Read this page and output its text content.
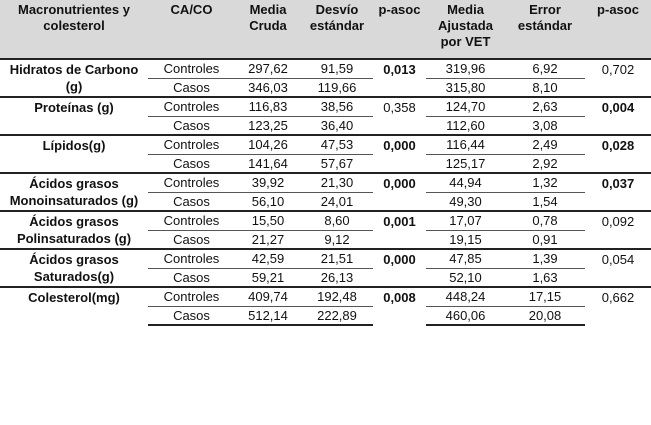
Macronutrientes y colesterol	CA/CO	Media Cruda	Desvío estándar	p-asoc	Media Ajustada por VET	Error estándar	p-asoc
Hidratos de Carbono (g)	Controles	297,62	91,59	0,013	319,96	6,92	0,702
	Casos	346,03	119,66		315,80	8,10	
Proteínas (g)	Controles	116,83	38,56	0,358	124,70	2,63	0,004
	Casos	123,25	36,40		112,60	3,08	
Lípidos(g)	Controles	104,26	47,53	0,000	116,44	2,49	0,028
	Casos	141,64	57,67		125,17	2,92	
Ácidos grasos Monoinsaturados (g)	Controles	39,92	21,30	0,000	44,94	1,32	0,037
	Casos	56,10	24,01		49,30	1,54	
Ácidos grasos Polinsaturados (g)	Controles	15,50	8,60	0,001	17,07	0,78	0,092
	Casos	21,27	9,12		19,15	0,91	
Ácidos grasos Saturados(g)	Controles	42,59	21,51	0,000	47,85	1,39	0,054
	Casos	59,21	26,13		52,10	1,63	
Colesterol(mg)	Controles	409,74	192,48	0,008	448,24	17,15	0,662
	Casos	512,14	222,89		460,06	20,08	
